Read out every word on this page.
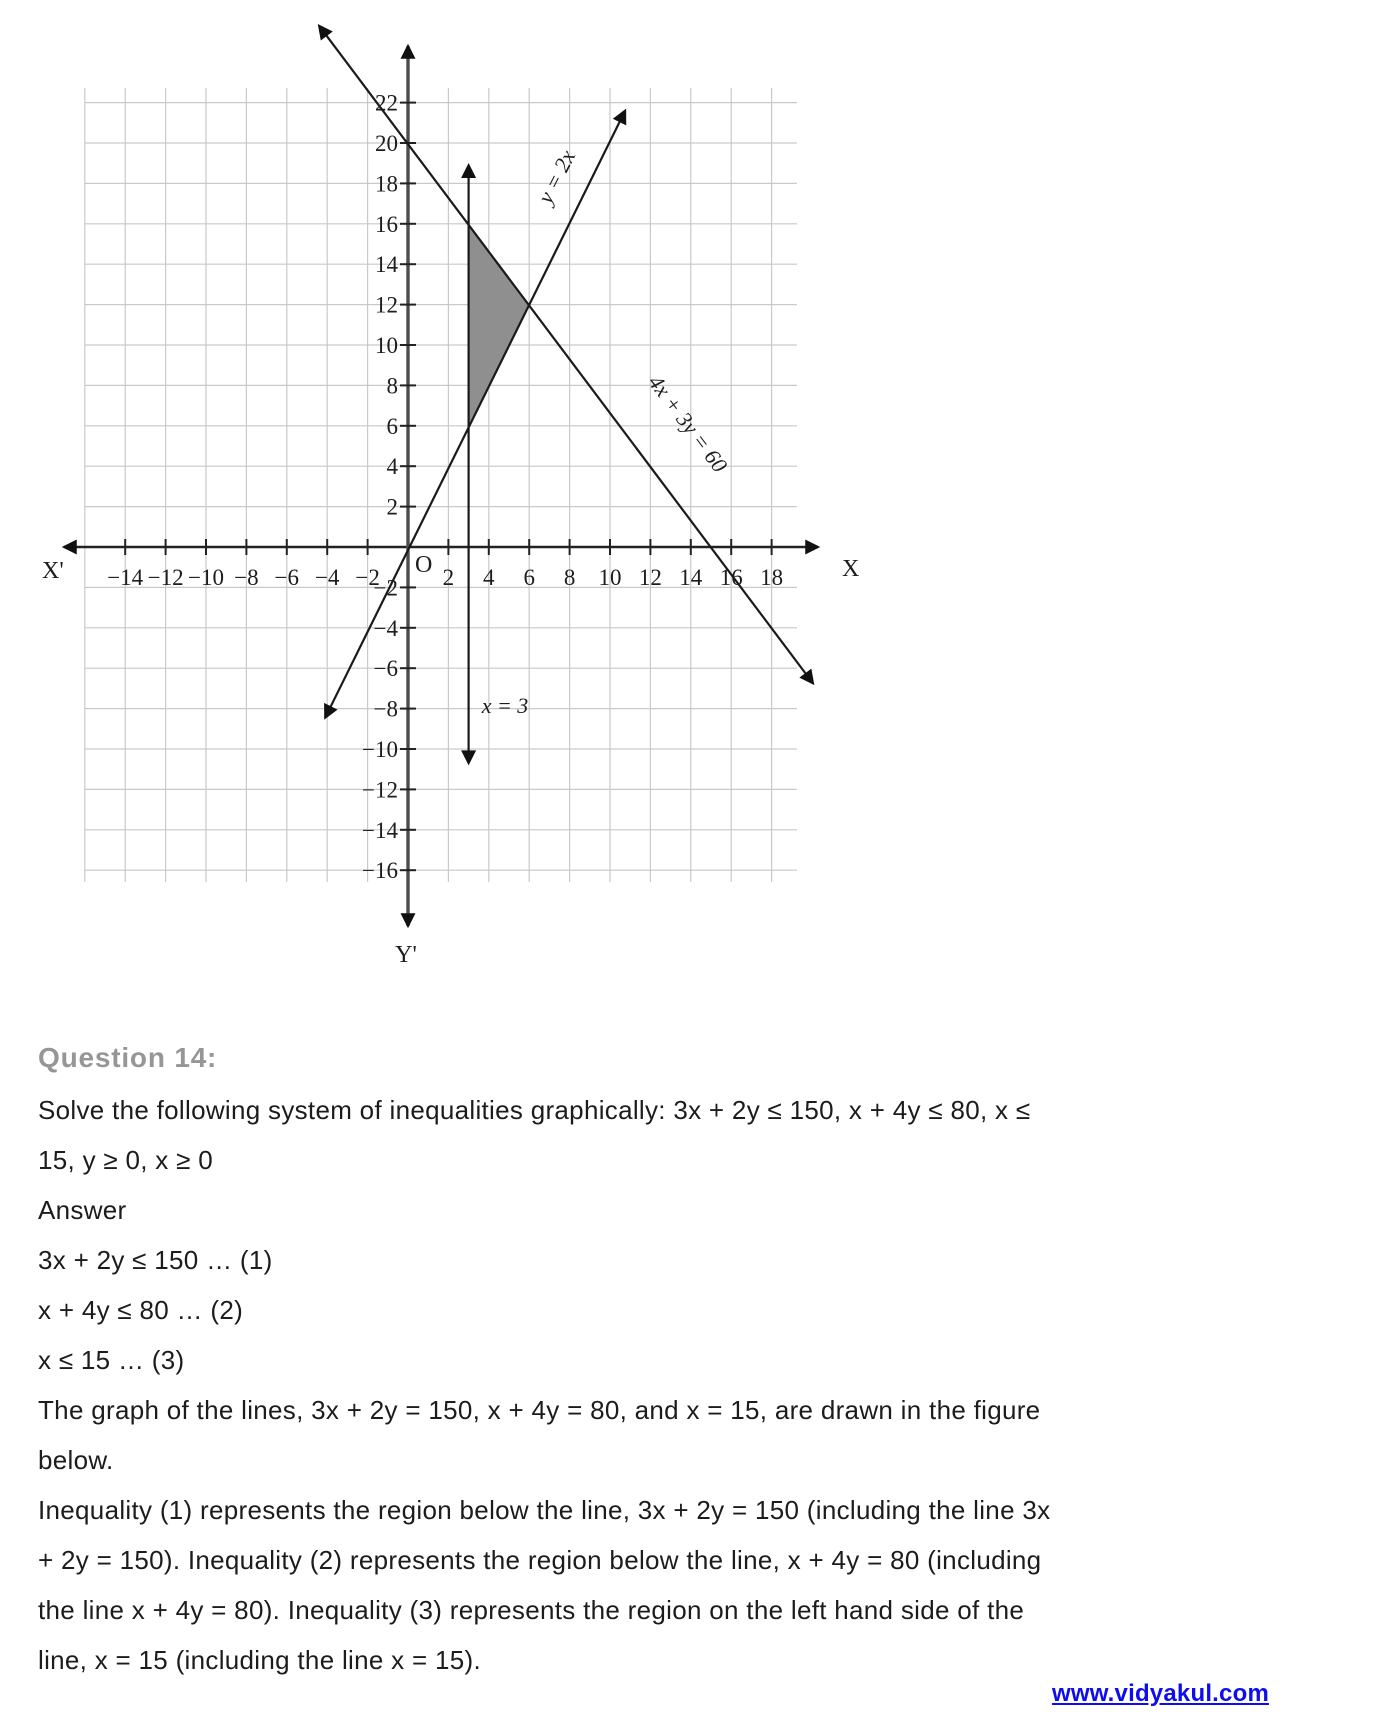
−14 −12 −10 −8 −6 −4 −2	2 4 6 8 10 12 14 16 18
−16
−14
−12
−10
−8
−6
−4
−2
2
4
6
8
10
12
14
16
18
20
22
y = 2x
4x + 3y = 60
x = 3
O	X
X'
Y'
Question 14:
Solve the following system of inequalities graphically: 3x + 2y ≤ 150, x + 4y ≤ 80, x ≤
15, y ≥ 0, x ≥ 0
Answer
3x + 2y ≤ 150 … (1)
x + 4y ≤ 80 … (2)
x ≤ 15 … (3)
The graph of the lines, 3x + 2y = 150, x + 4y = 80, and x = 15, are drawn in the figure
below.
Inequality (1) represents the region below the line, 3x + 2y = 150 (including the line 3x
+ 2y = 150). Inequality (2) represents the region below the line, x + 4y = 80 (including
the line x + 4y = 80). Inequality (3) represents the region on the left hand side of the
line, x = 15 (including the line x = 15).
www.vidyakul.com
